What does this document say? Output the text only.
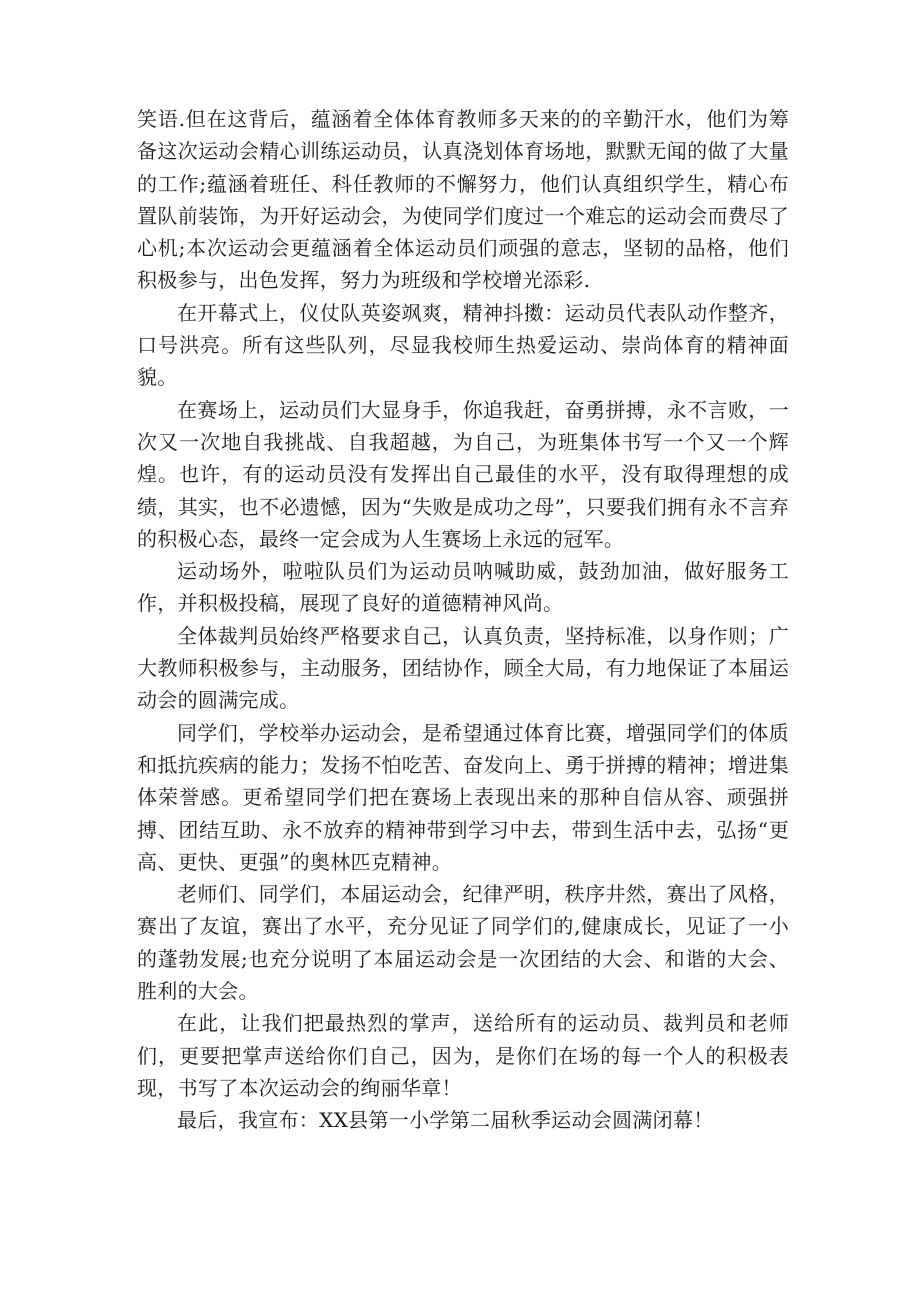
笑语.但在这背后，蕴涵着全体体育教师多天来的的辛勤汗水，他们为筹备这次运动会精心训练运动员，认真浇划体育场地，默默无闻的做了大量的工作;蕴涵着班任、科任教师的不懈努力，他们认真组织学生，精心布置队前装饰，为开好运动会，为使同学们度过一个难忘的运动会而费尽了心机;本次运动会更蕴涵着全体运动员们顽强的意志，坚韧的品格，他们积极参与，出色发挥，努力为班级和学校增光添彩.

在开幕式上，仪仗队英姿飒爽，精神抖擞：运动员代表队动作整齐，口号洪亮。所有这些队列，尽显我校师生热爱运动、崇尚体育的精神面貌。

在赛场上，运动员们大显身手，你追我赶，奋勇拼搏，永不言败，一次又一次地自我挑战、自我超越，为自己，为班集体书写一个又一个辉煌。也许，有的运动员没有发挥出自己最佳的水平，没有取得理想的成绩，其实，也不必遗憾，因为“失败是成功之母”，只要我们拥有永不言弃的积极心态，最终一定会成为人生赛场上永远的冠军。

运动场外，啦啦队员们为运动员呐喊助威，鼓劲加油，做好服务工作，并积极投稿，展现了良好的道德精神风尚。

全体裁判员始终严格要求自己，认真负责，坚持标准，以身作则；广大教师积极参与，主动服务，团结协作，顾全大局，有力地保证了本届运动会的圆满完成。

同学们，学校举办运动会，是希望通过体育比赛，增强同学们的体质和抵抗疾病的能力；发扬不怕吃苦、奋发向上、勇于拼搏的精神；增进集体荣誉感。更希望同学们把在赛场上表现出来的那种自信从容、顽强拼搏、团结互助、永不放弃的精神带到学习中去，带到生活中去，弘扬“更高、更快、更强”的奥林匹克精神。

老师们、同学们，本届运动会，纪律严明，秩序井然，赛出了风格，赛出了友谊，赛出了水平，充分见证了同学们的,健康成长，见证了一小的蓬勃发展;也充分说明了本届运动会是一次团结的大会、和谐的大会、胜利的大会。

在此，让我们把最热烈的掌声，送给所有的运动员、裁判员和老师们，更要把掌声送给你们自己，因为，是你们在场的每一个人的积极表现，书写了本次运动会的绚丽华章！

最后，我宣布：XX县第一小学第二届秋季运动会圆满闭幕！
